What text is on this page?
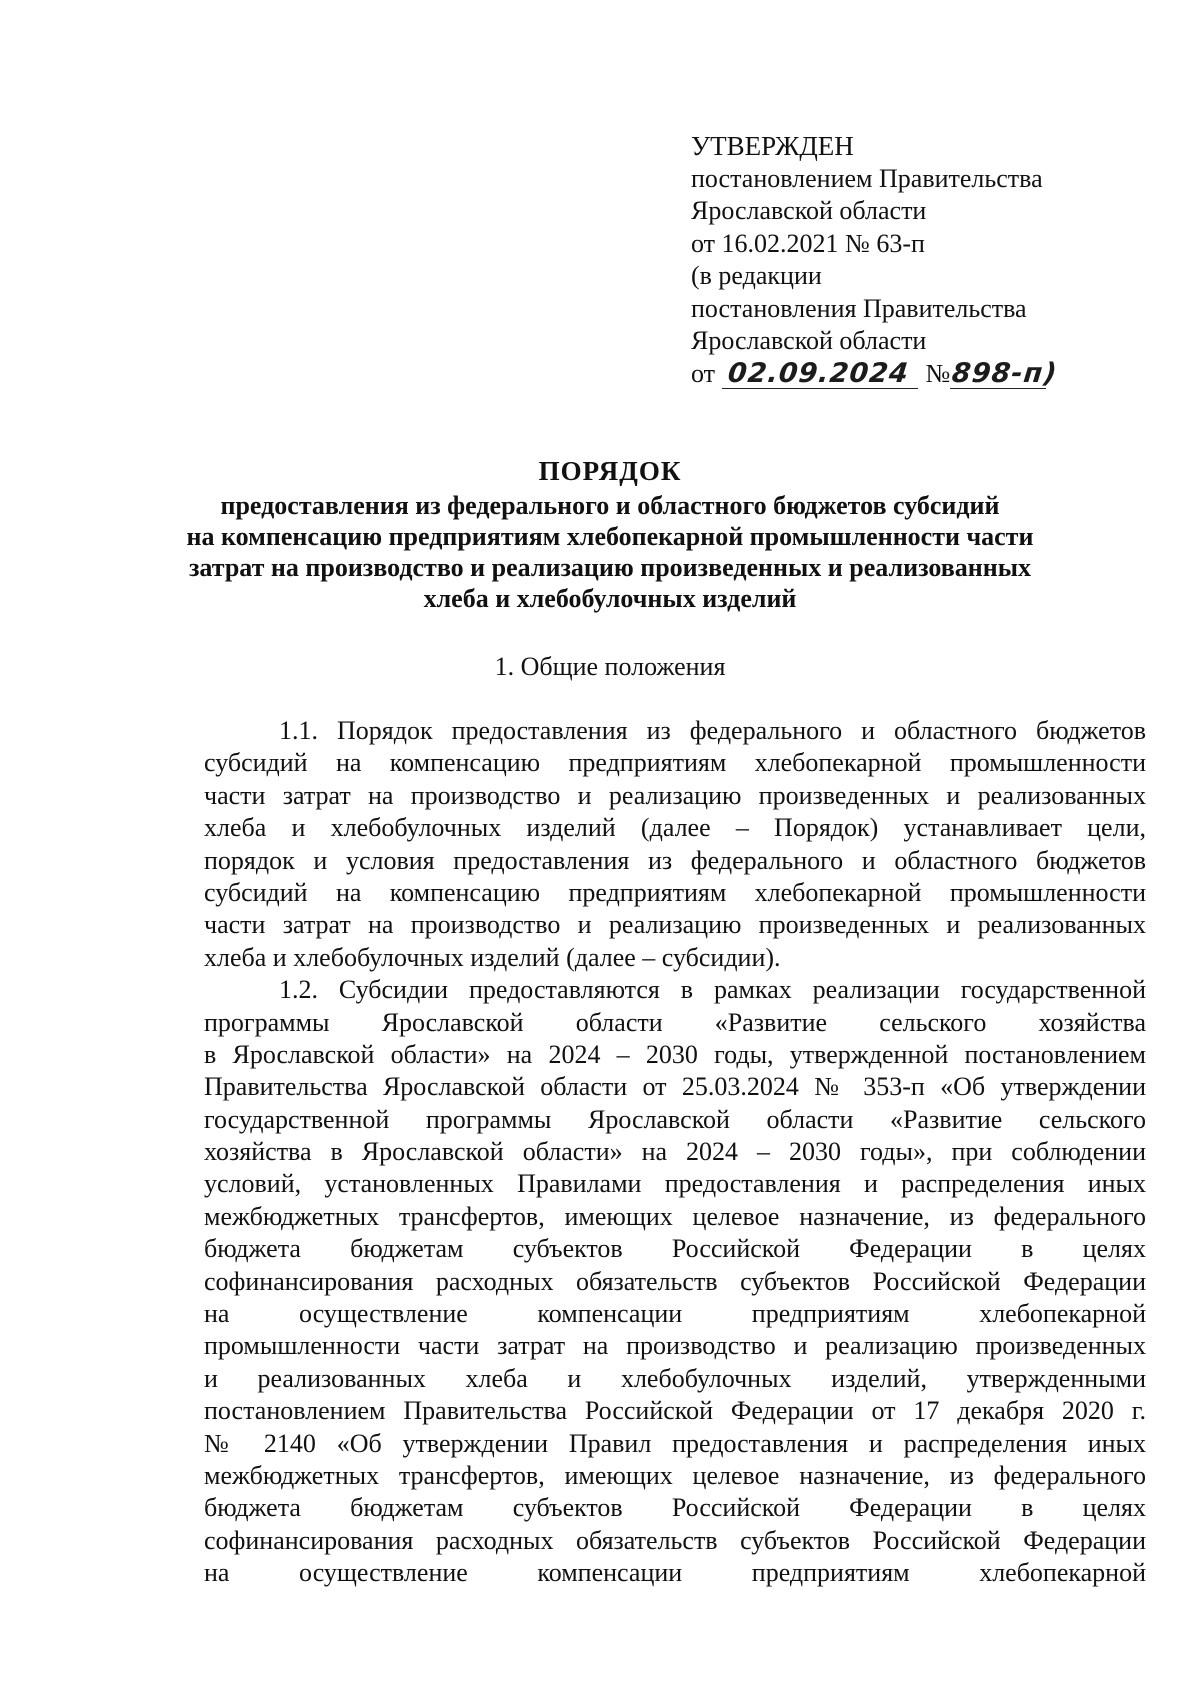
УТВЕРЖДЕН
постановлением Правительства
Ярославской области
от 16.02.2021 № 63-п
(в редакции
постановления Правительства
Ярославской области
от 02.09.2024 №898-п)
ПОРЯДОК
предоставления из федерального и областного бюджетов субсидий
на компенсацию предприятиям хлебопекарной промышленности части
затрат на производство и реализацию произведенных и реализованных
хлеба и хлебобулочных изделий
1. Общие положения
1.1. Порядок предоставления из федерального и областного бюджетов
субсидий на компенсацию предприятиям хлебопекарной промышленности
части затрат на производство и реализацию произведенных и реализованных
хлеба и хлебобулочных изделий (далее – Порядок) устанавливает цели,
порядок и условия предоставления из федерального и областного бюджетов
субсидий на компенсацию предприятиям хлебопекарной промышленности
части затрат на производство и реализацию произведенных и реализованных
хлеба и хлебобулочных изделий (далее – субсидии).
1.2. Субсидии предоставляются в рамках реализации государственной
программы Ярославской области «Развитие сельского хозяйства
в Ярославской области» на 2024 – 2030 годы, утвержденной постановлением
Правительства Ярославской области от 25.03.2024 № 353-п «Об утверждении
государственной программы Ярославской области «Развитие сельского
хозяйства в Ярославской области» на 2024 – 2030 годы», при соблюдении
условий, установленных Правилами предоставления и распределения иных
межбюджетных трансфертов, имеющих целевое назначение, из федерального
бюджета бюджетам субъектов Российской Федерации в целях
софинансирования расходных обязательств субъектов Российской Федерации
на осуществление компенсации предприятиям хлебопекарной
промышленности части затрат на производство и реализацию произведенных
и реализованных хлеба и хлебобулочных изделий, утвержденными
постановлением Правительства Российской Федерации от 17 декабря 2020 г.
№ 2140 «Об утверждении Правил предоставления и распределения иных
межбюджетных трансфертов, имеющих целевое назначение, из федерального
бюджета бюджетам субъектов Российской Федерации в целях
софинансирования расходных обязательств субъектов Российской Федерации
на осуществление компенсации предприятиям хлебопекарной
